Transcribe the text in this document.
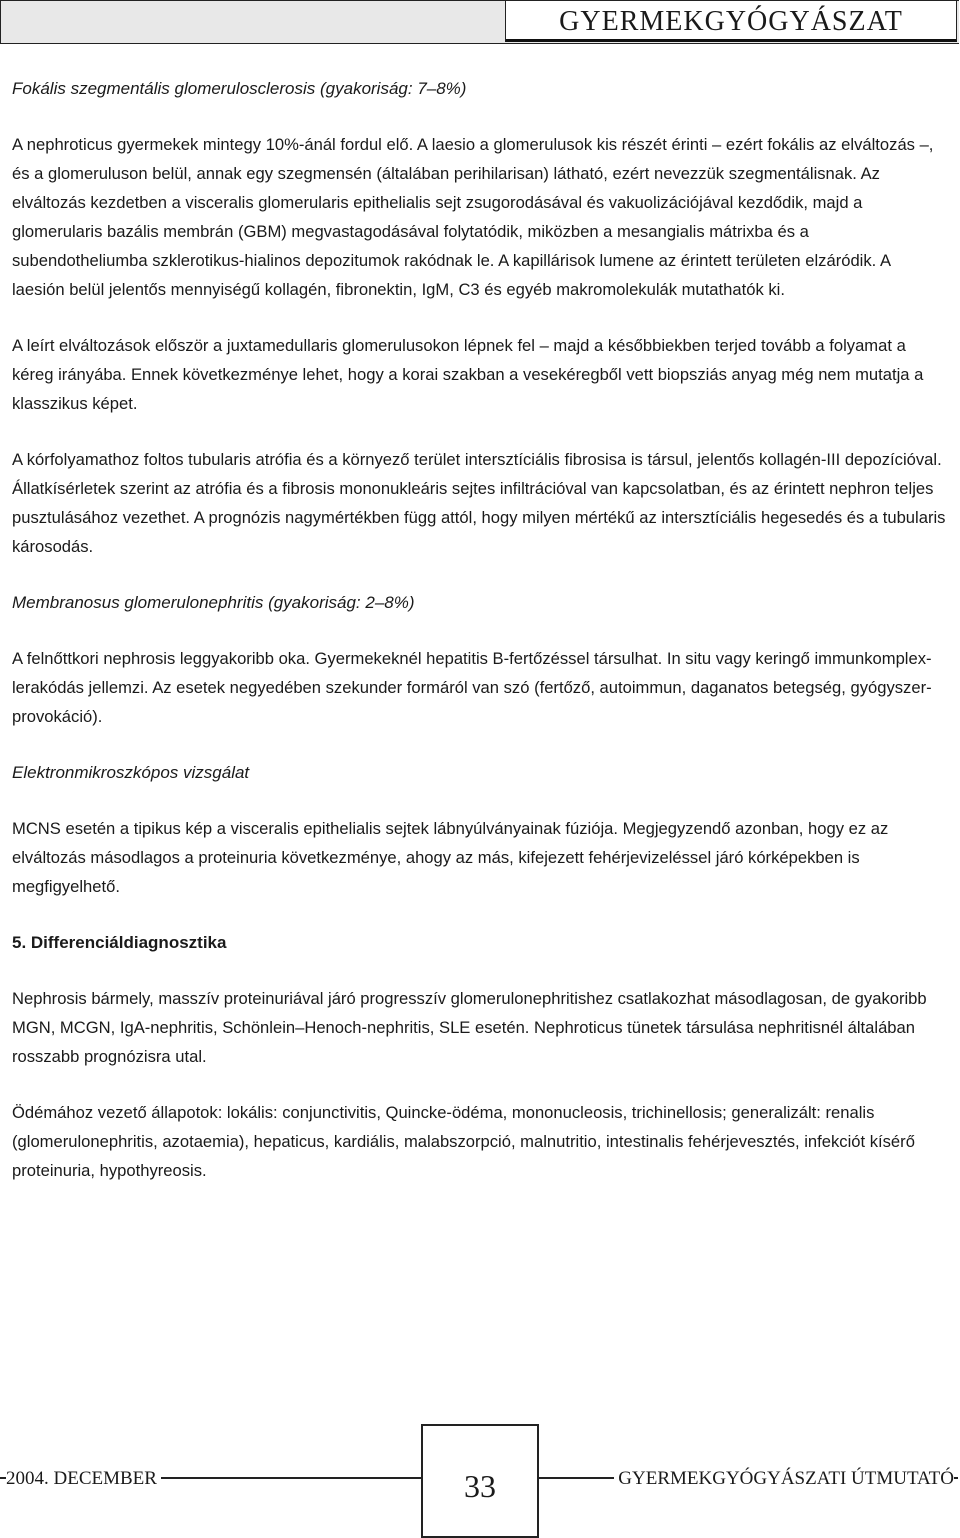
GYERMEKGYÓGYÁSZAT

Fokális szegmentális glomerulosclerosis (gyakoriság: 7–8%)

A nephroticus gyermekek mintegy 10%-ánál fordul elő. A laesio a glomerulusok kis részét érinti – ezért fokális az elváltozás –, és a glomeruluson belül, annak egy szegmensén (általában perihilarisan) látható, ezért nevezzük szegmentálisnak. Az elváltozás kezdetben a visceralis glomerularis epithelialis sejt zsugorodásával és vakuolizációjával kezdődik, majd a glomerularis bazális membrán (GBM) megvastagodásával folytatódik, miközben a mesangialis mátrixba és a subendotheliumba szklerotikus-hialinos depozitumok rakódnak le. A kapillárisok lumene az érintett területen elzáródik. A laesión belül jelentős mennyiségű kollagén, fibronektin, IgM, C3 és egyéb makromolekulák mutathatók ki.

A leírt elváltozások először a juxtamedullaris glomerulusokon lépnek fel – majd a későbbiekben terjed tovább a folyamat a kéreg irányába. Ennek következménye lehet, hogy a korai szakban a vesekéregből vett biopsziás anyag még nem mutatja a klasszikus képet.

A kórfolyamathoz foltos tubularis atrófia és a környező terület intersztíciális fibrosisa is társul, jelentős kollagén-III depozícióval. Állatkísérletek szerint az atrófia és a fibrosis mononukleáris sejtes infiltrációval van kapcsolatban, és az érintett nephron teljes pusztulásához vezethet. A prognózis nagymértékben függ attól, hogy milyen mértékű az intersztíciális hegesedés és a tubularis károsodás.

Membranosus glomerulonephritis (gyakoriság: 2–8%)

A felnőttkori nephrosis leggyakoribb oka. Gyermekeknél hepatitis B-fertőzéssel társulhat. In situ vagy keringő immunkomplex-lerakódás jellemzi. Az esetek negyedében szekunder formáról van szó (fertőző, autoimmun, daganatos betegség, gyógyszer-provokáció).

Elektronmikroszkópos vizsgálat

MCNS esetén a tipikus kép a visceralis epithelialis sejtek lábnyúlványainak fúziója. Megjegyzendő azonban, hogy ez az elváltozás másodlagos a proteinuria következménye, ahogy az más, kifejezett fehérjevizeléssel járó kórképekben is megfigyelhető.

5. Differenciáldiagnosztika

Nephrosis bármely, masszív proteinuriával járó progresszív glomerulonephritishez csatlakozhat másodlagosan, de gyakoribb MGN, MCGN, IgA-nephritis, Schönlein–Henoch-nephritis, SLE esetén. Nephroticus tünetek társulása nephritisnél általában rosszabb prognózisra utal.

Ödémához vezető állapotok: lokális: conjunctivitis, Quincke-ödéma, mononucleosis, trichinellosis; generalizált: renalis (glomerulonephritis, azotaemia), hepaticus, kardiális, malabszorpció, malnutritio, intestinalis fehérjevesztés, infekciót kísérő proteinuria, hypothyreosis.

2004. DECEMBER	33	GYERMEKGYÓGYÁSZATI ÚTMUTATÓ
